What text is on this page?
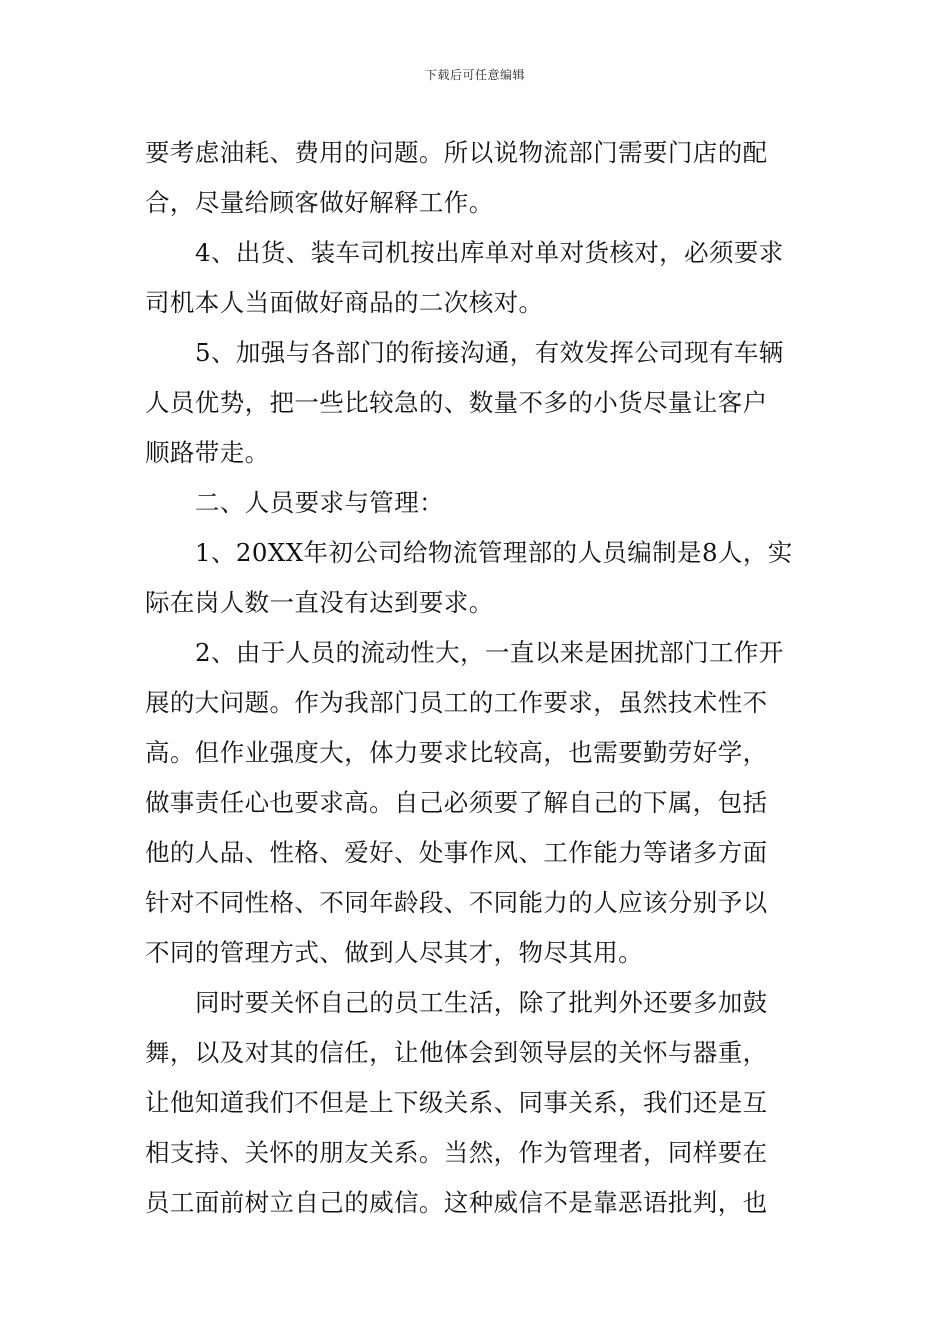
下载后可任意编辑
要考虑油耗、费用的问题。所以说物流部门需要门店的配
合，尽量给顾客做好解释工作。
4、出货、装车司机按出库单对单对货核对，必须要求
司机本人当面做好商品的二次核对。
5、加强与各部门的衔接沟通，有效发挥公司现有车辆
人员优势，把一些比较急的、数量不多的小货尽量让客户
顺路带走。
二、人员要求与管理：
1、20XX年初公司给物流管理部的人员编制是8人，实
际在岗人数一直没有达到要求。
2、由于人员的流动性大，一直以来是困扰部门工作开
展的大问题。作为我部门员工的工作要求，虽然技术性不
高。但作业强度大，体力要求比较高，也需要勤劳好学，
做事责任心也要求高。自己必须要了解自己的下属，包括
他的人品、性格、爱好、处事作风、工作能力等诸多方面
针对不同性格、不同年龄段、不同能力的人应该分别予以
不同的管理方式、做到人尽其才，物尽其用。
同时要关怀自己的员工生活，除了批判外还要多加鼓
舞，以及对其的信任，让他体会到领导层的关怀与器重，
让他知道我们不但是上下级关系、同事关系，我们还是互
相支持、关怀的朋友关系。当然，作为管理者，同样要在
员工面前树立自己的威信。这种威信不是靠恶语批判，也
